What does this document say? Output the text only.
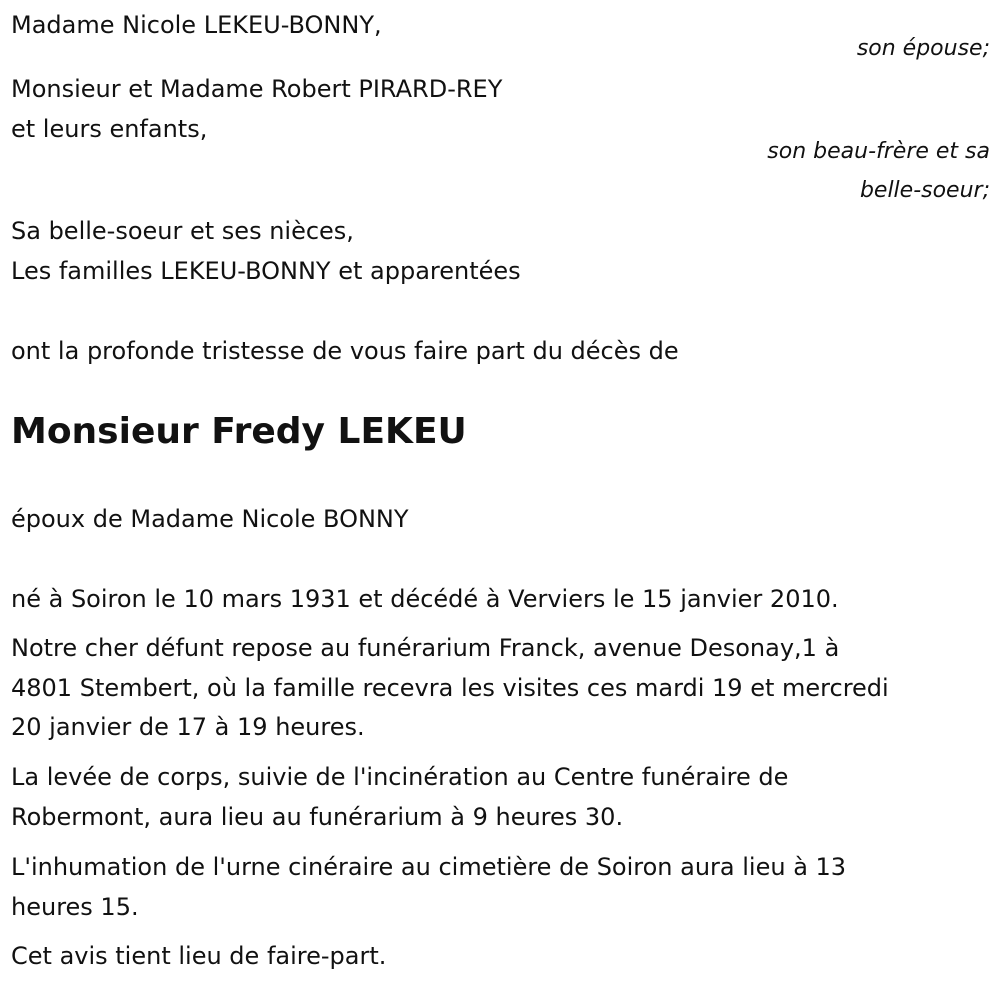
Madame Nicole LEKEU-BONNY,
son épouse;
Monsieur et Madame Robert PIRARD-REY
et leurs enfants,
son beau-frère et sa
belle-soeur;
Sa belle-soeur et ses nièces,
Les familles LEKEU-BONNY et apparentées
ont la profonde tristesse de vous faire part du décès de
Monsieur Fredy LEKEU
époux de Madame Nicole BONNY
né à Soiron le 10 mars 1931 et décédé à Verviers le 15 janvier 2010.
Notre cher défunt repose au funérarium Franck, avenue Desonay,1 à
4801 Stembert, où la famille recevra les visites ces mardi 19 et mercredi
20 janvier de 17 à 19 heures.
La levée de corps, suivie de l'incinération au Centre funéraire de
Robermont, aura lieu au funérarium à 9 heures 30.
L'inhumation de l'urne cinéraire au cimetière de Soiron aura lieu à 13
heures 15.
Cet avis tient lieu de faire-part.
